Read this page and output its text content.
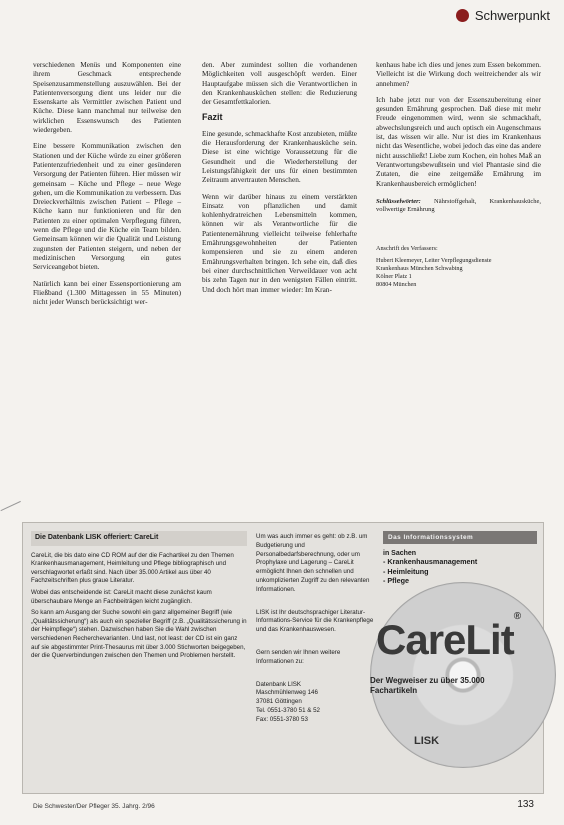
Schwerpunkt

verschiedenen Menüs und Komponenten eine ihrem Geschmack entsprechende Speisenzusammenstellung auszuwählen. Bei der Patientenversorgung dient uns leider nur die Essenskarte als Vermittler zwischen Patient und Küche. Diese kann manchmal nur teilweise den wirklichen Essenswunsch des Patienten wiedergeben.

Eine bessere Kommunikation zwischen den Stationen und der Küche würde zu einer größeren Patientenzufriedenheit und zu einer gesünderen Versorgung der Patienten führen. Hier müssen wir gemeinsam – Küche und Pflege – neue Wege gehen, um die Kommunikation zu verbessern. Das Dreieckverhältnis zwischen Patient – Pflege – Küche kann nur funktionieren und für den Patienten zu einer optimalen Verpflegung führen, wenn die Pflege und die Küche ein Team bilden. Gemeinsam können wir die Qualität und Leistung zugunsten der Patienten steigern, und neben der medizinischen Versorgung ein gutes Serviceangebot bieten.

Natürlich kann bei einer Essensportionierung am Fließband (1.300 Mittagessen in 55 Minuten) nicht jeder Wunsch berücksichtigt wer-

den. Aber zumindest sollten die vorhandenen Möglichkeiten voll ausgeschöpft werden. Einer Hauptaufgabe müssen sich die Verantwortlichen in den Krankenhausküchen stellen: die Reduzierung der Gesamtfettkalorien.

Fazit

Eine gesunde, schmackhafte Kost anzubieten, müßte die Herausforderung der Krankenhausküche sein. Diese ist eine wichtige Voraussetzung für die Gesundheit und die Wiederherstellung der Leistungsfähigkeit der uns für einen bestimmten Zeitraum anvertrauten Menschen.

Wenn wir darüber hinaus zu einem verstärkten Einsatz von pflanzlichen und damit kohlenhydratreichen Lebensmitteln kommen, können wir als Verantwortliche für die Patientenernährung vielleicht teilweise fehlerhafte Ernährungsgewohnheiten der Patienten kompensieren und sie zu einem anderen Ernährungsverhalten bringen. Ich sehe ein, daß dies bei einer durchschnittlichen Verweildauer von acht bis zehn Tagen nur in den wenigsten Fällen eintritt. Und doch hört man immer wieder: Im Kran-

kenhaus habe ich dies und jenes zum Essen bekommen. Vielleicht ist die Wirkung doch weitreichender als wir annehmen?

Ich habe jetzt nur von der Essenszubereitung einer gesunden Ernährung gesprochen. Daß diese mit mehr Freude eingenommen wird, wenn sie schmackhaft, abwechslungsreich und auch optisch ein Augenschmaus ist, das wissen wir alle. Nur ist dies im Krankenhaus nicht das Wesentliche, wobei jedoch das eine das andere nicht ausschließt! Liebe zum Kochen, ein hohes Maß an Verantwortungsbewußtsein und viel Phantasie sind die Zutaten, die eine zeitgemäße Ernährung im Krankenhausbereich ermöglichen!

Schlüsselwörter: Nährstoffgehalt, Krankenhausküche, vollwertige Ernährung
Anschrift des Verfassers:
Hubert Kleemeyer, Leiter Verpflegungsdienste
Krankenhaus München Schwabing
Kölner Platz 1
80804 München
Die Datenbank LISK offeriert: CareLit

CareLit, die bis dato eine CD ROM auf der die Fachartikel zu den Themen Krankenhausmanagement, Heimleitung und Pflege bibliographisch und verschlagwortet erfaßt sind. Nach über 35.000 Artikel aus über 40 Fachzeitschriften plus graue Literatur.

Wobei das entscheidende ist: CareLit macht diese zunächst kaum überschaubare Menge an Fachbeiträgen leicht zugänglich.

So kann am Ausgang der Suche sowohl ein ganz allgemeiner Begriff (wie „Qualitätssicherung“) als auch ein spezieller Begriff (z.B. „Qualitätssicherung in der Heimpflege“) stehen. Dazwischen haben Sie die Wahl zwischen verschiedenen Recherchevarianten. Und last, not least: der CD ist ein ganz auf sie abgestimmter Print-Thesaurus mit über 3.000 Stichworten beigegeben, der die Querverbindungen zwischen den Themen und Problemen herstellt.

Um was auch immer es geht: ob z.B. um Budgetierung und Personalbedarfsberechnung, oder um Prophylaxe und Lagerung – CareLit ermöglicht Ihnen den schnellen und unkomplizierten Zugriff zu den relevanten Informationen.

LISK ist Ihr deutschsprachiger Literatur-Informations-Service für die Krankenpflege und das Krankenhauswesen.

Gern senden wir Ihnen weitere Informationen zu:

Datenbank LISK
Maschmühlenweg 146
37081 Göttingen
Tel. 0551-3780 51 & 52
Fax: 0551-3780 53
Das Informationssystem
in Sachen
- Krankenhausmanagement
- Heimleitung
- Pflege
CareLit®
Der Wegweiser zu über 35.000 Fachartikeln
LISK
Die Schwester/Der Pfleger 35. Jahrg. 2/96	133
